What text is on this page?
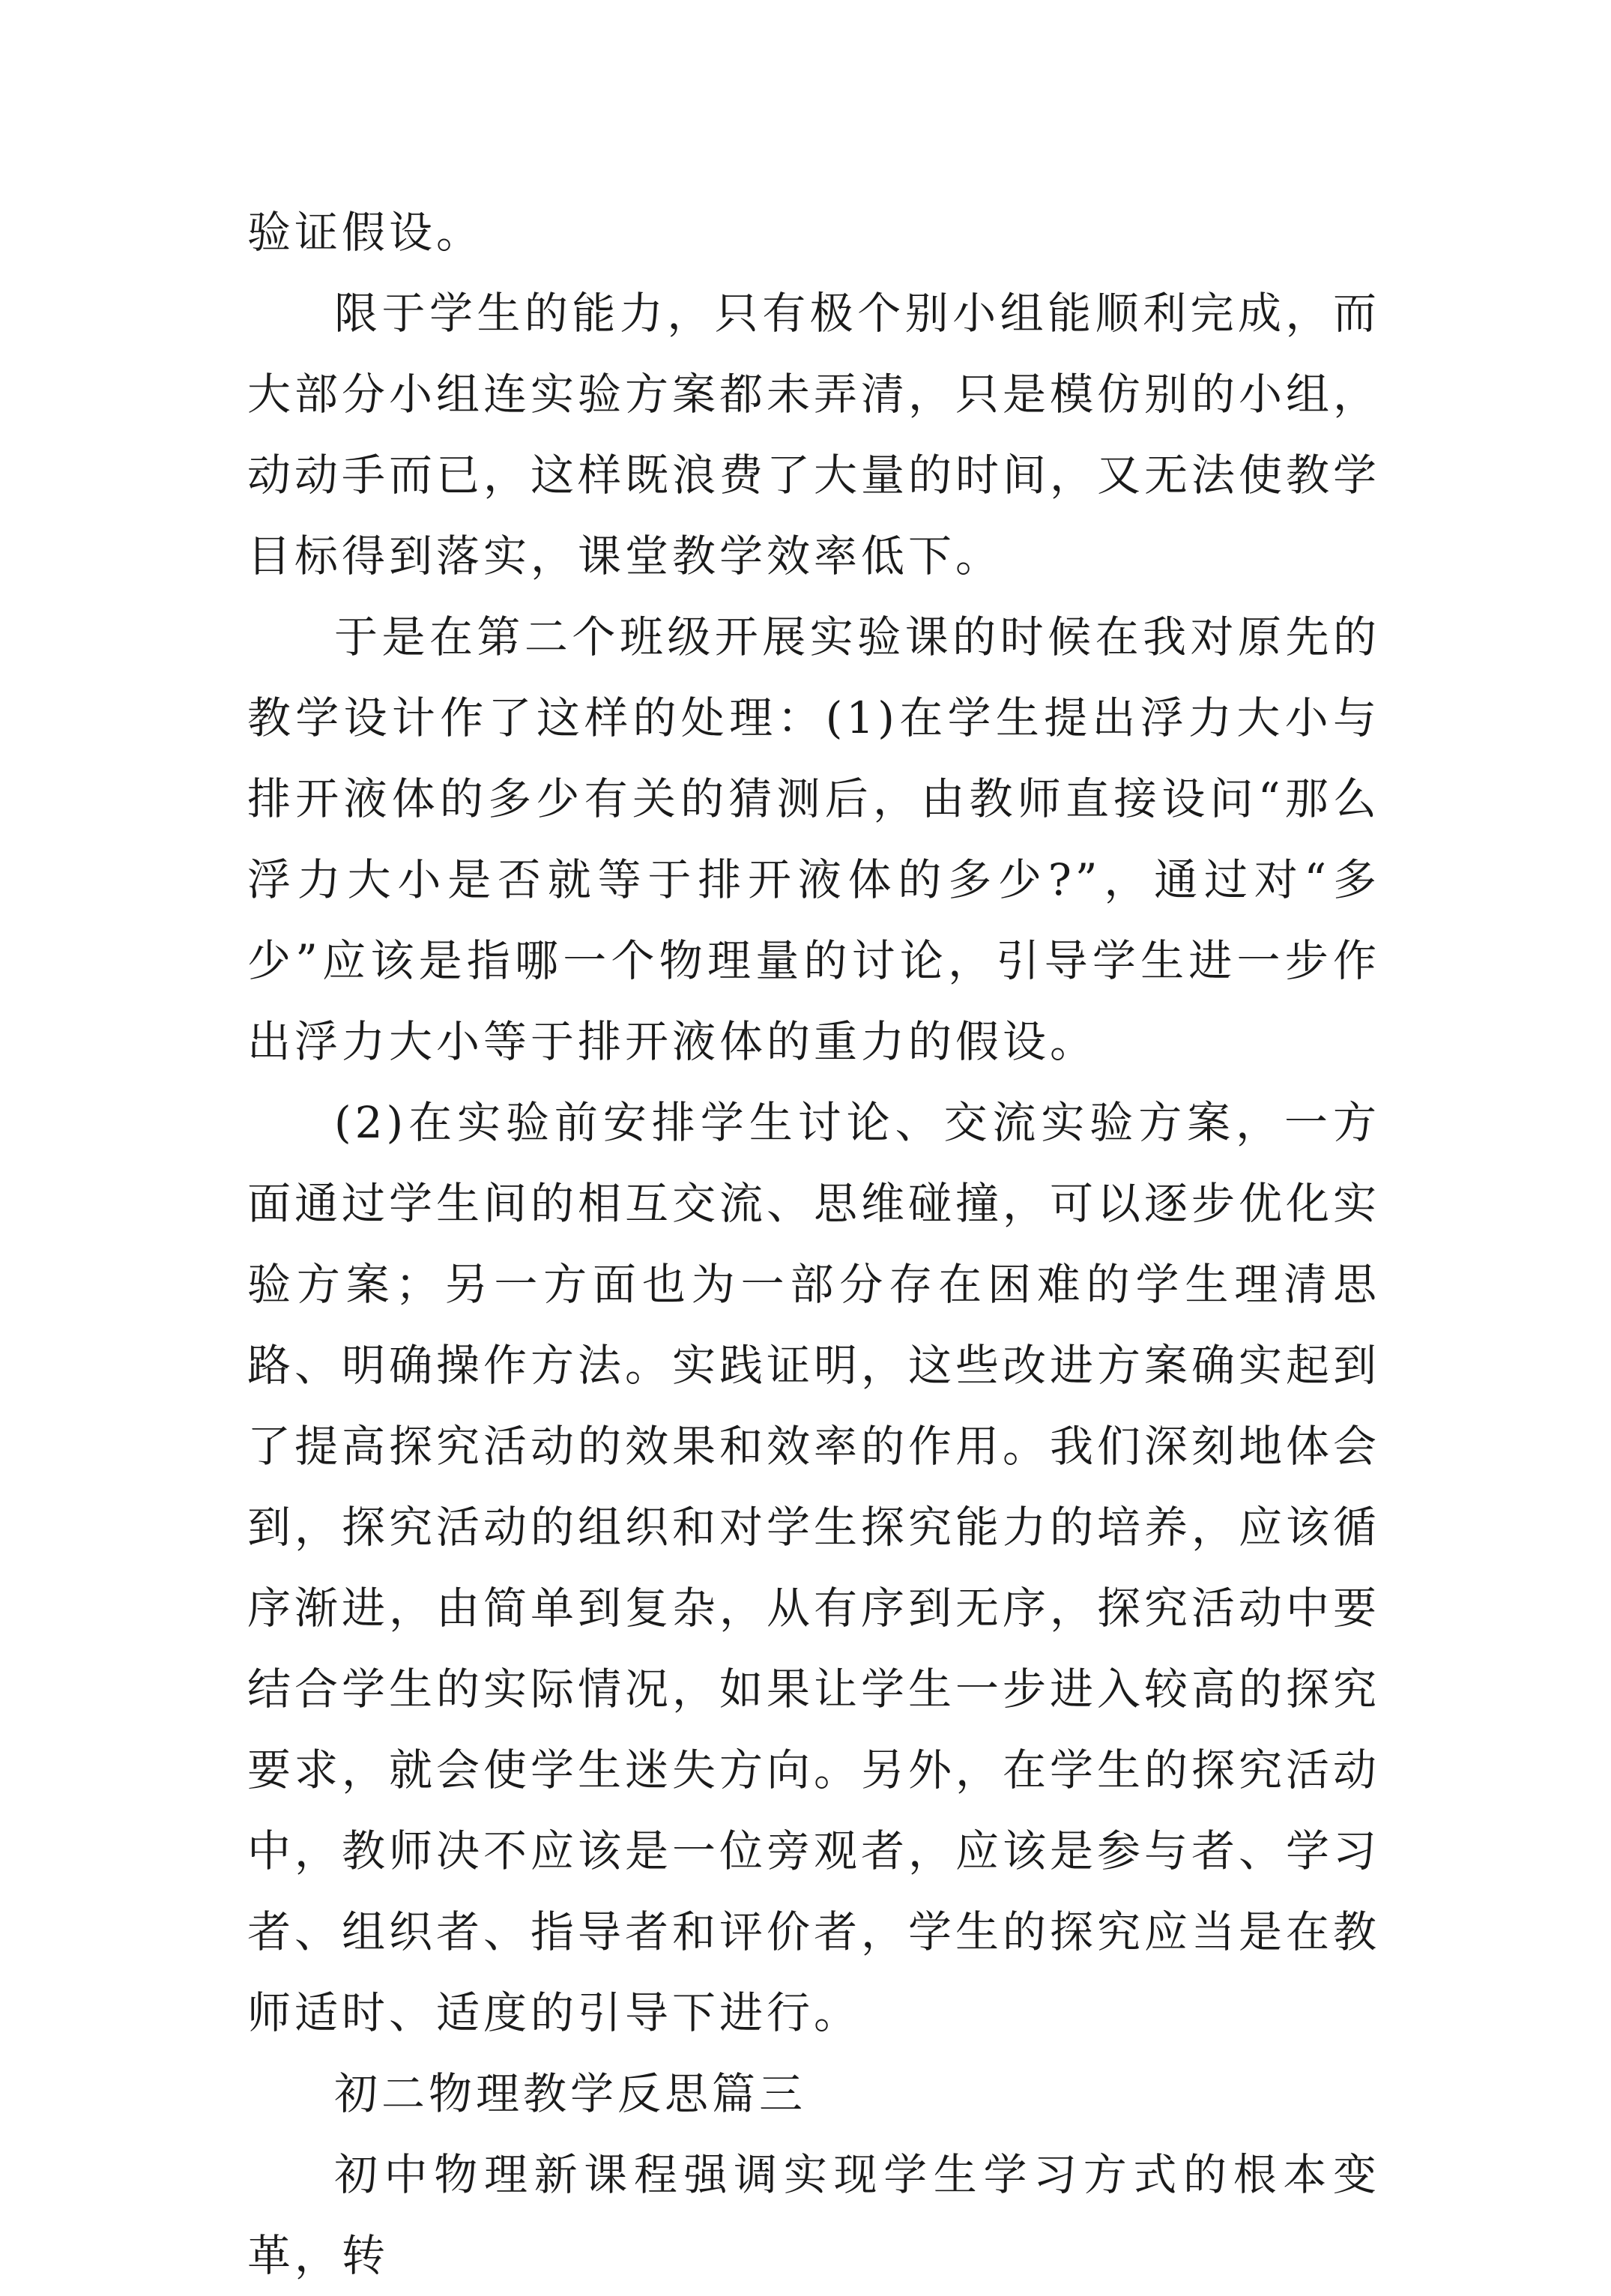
验证假设。

限于学生的能力，只有极个别小组能顺利完成，而大部分小组连实验方案都未弄清，只是模仿别的小组，动动手而已，这样既浪费了大量的时间，又无法使教学目标得到落实，课堂教学效率低下。

于是在第二个班级开展实验课的时候在我对原先的教学设计作了这样的处理：(1)在学生提出浮力大小与排开液体的多少有关的猜测后，由教师直接设问“那么浮力大小是否就等于排开液体的多少?”，通过对“多少”应该是指哪一个物理量的讨论，引导学生进一步作出浮力大小等于排开液体的重力的假设。

(2)在实验前安排学生讨论、交流实验方案，一方面通过学生间的相互交流、思维碰撞，可以逐步优化实验方案；另一方面也为一部分存在困难的学生理清思路、明确操作方法。实践证明，这些改进方案确实起到了提高探究活动的效果和效率的作用。我们深刻地体会到，探究活动的组织和对学生探究能力的培养，应该循序渐进，由简单到复杂，从有序到无序，探究活动中要结合学生的实际情况，如果让学生一步进入较高的探究要求，就会使学生迷失方向。另外，在学生的探究活动中，教师决不应该是一位旁观者，应该是参与者、学习者、组织者、指导者和评价者，学生的探究应当是在教师适时、适度的引导下进行。

初二物理教学反思篇三

初中物理新课程强调实现学生学习方式的根本变革，转
